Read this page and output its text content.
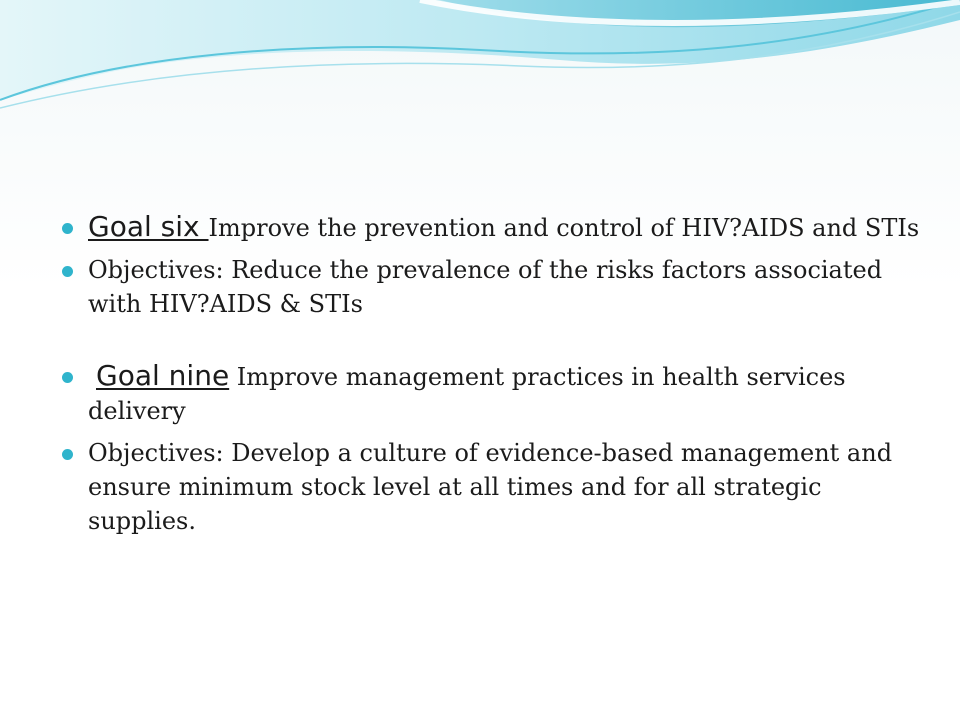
Goal six Improve the prevention and control of HIV?AIDS and STIs
Objectives: Reduce the prevalence of the risks factors associated with HIV?AIDS & STIs
Goal nine Improve management practices in health services delivery
Objectives: Develop a culture of evidence-based management and ensure minimum stock level at all times and for all strategic supplies.
